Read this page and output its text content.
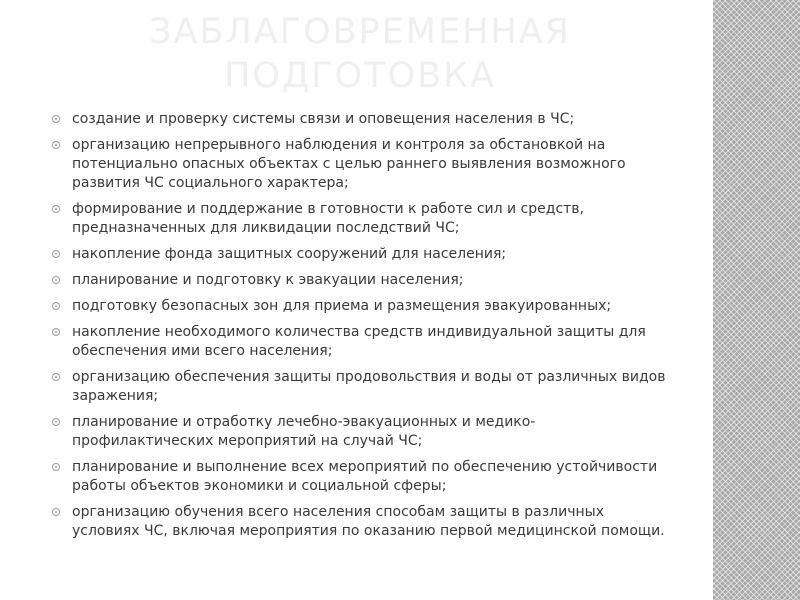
ЗАБЛАГОВРЕМЕННАЯ ПОДГОТОВКА
создание и проверку системы связи и оповещения населения в ЧС;
организацию непрерывного наблюдения и контроля за обстановкой на потенциально опасных объектах с целью раннего выявления возможного развития ЧС социального характера;
формирование и поддержание в готовности к работе сил и средств, предназначенных для ликвидации последствий ЧС;
накопление фонда защитных сооружений для населения;
планирование и подготовку к эвакуации населения;
подготовку безопасных зон для приема и размещения эвакуированных;
накопление необходимого количества средств индивидуальной защиты для обеспечения ими всего населения;
организацию обеспечения защиты продовольствия и воды от различных видов заражения;
планирование и отработку лечебно-эвакуационных и медико-профилактических мероприятий на случай ЧС;
планирование и выполнение всех мероприятий по обеспечению устойчивости работы объектов экономики и социальной сферы;
организацию обучения всего населения способам защиты в различных условиях ЧС, включая мероприятия по оказанию первой медицинской помощи.
